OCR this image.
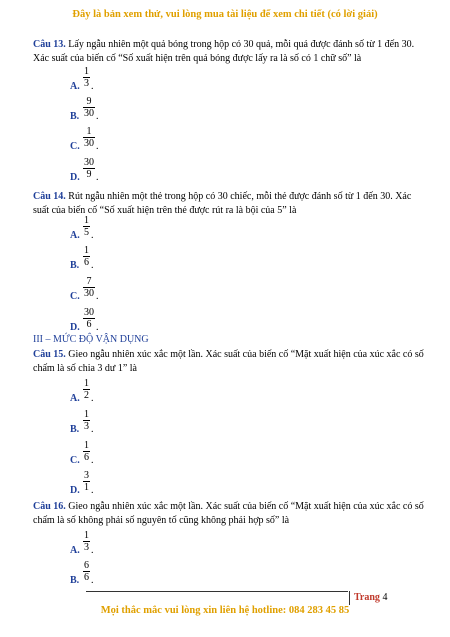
Đây là bản xem thử, vui lòng mua tài liệu để xem chi tiết (có lời giải)
Câu 13. Lấy ngẫu nhiên một quả bóng trong hộp có 30 quả, mỗi quả được đánh số từ 1 đến 30. Xác suất của biến cố “Số xuất hiện trên quả bóng được lấy ra là số có 1 chữ số” là
A. $\frac{1}{3}$ .
B. $\frac{9}{30}$ .
C. $\frac{1}{30}$ .
D. $\frac{30}{9}$ .
Câu 14. Rút ngẫu nhiên một thẻ trong hộp có 30 chiếc, mỗi thẻ được đánh số từ 1 đến 30. Xác suất của biến cố “Số xuất hiện trên thẻ được rút ra là bội của 5” là
A. $\frac{1}{5}$ .
B. $\frac{1}{6}$ .
C. $\frac{7}{30}$ .
D. $\frac{30}{6}$ .
III – MỨC ĐỘ VẬN DỤNG
Câu 15. Gieo ngẫu nhiên xúc xắc một lần. Xác suất của biến cố “Mặt xuất hiện của xúc xắc có số chấm là số chia 3 dư 1” là
A. $\frac{1}{2}$ .
B. $\frac{1}{3}$ .
C. $\frac{1}{6}$ .
D. $\frac{3}{1}$ .
Câu 16. Gieo ngẫu nhiên xúc xắc một lần. Xác suất của biến cố “Mặt xuất hiện của xúc xắc có số chấm là số không phải số nguyên tố cũng không phải hợp số” là
A. $\frac{1}{3}$ .
B. $\frac{6}{6}$ .
Trang 4
Mọi thắc mắc vui lòng xin liên hệ hotline: 084 283 45 85
